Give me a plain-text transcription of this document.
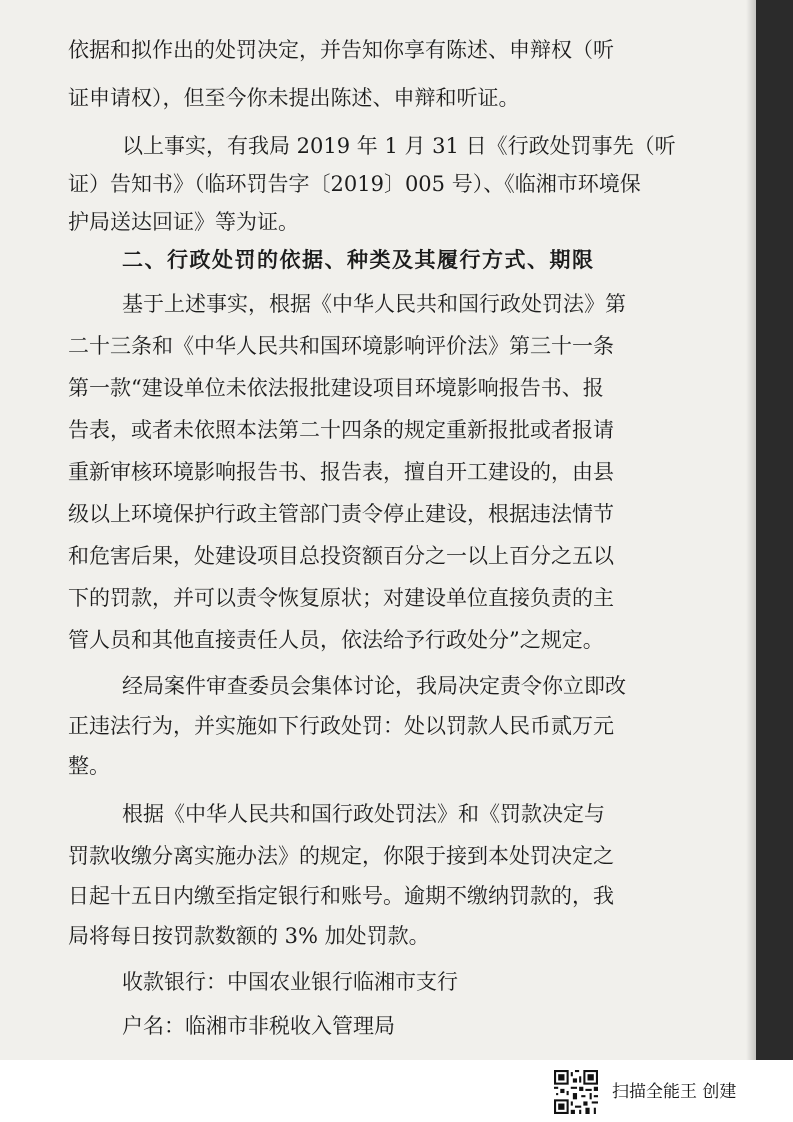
依据和拟作出的处罚决定，并告知你享有陈述、申辩权（听
证申请权），但至今你未提出陈述、申辩和听证。
以上事实，有我局 2019 年 1 月 31 日《行政处罚事先（听
证）告知书》（临环罚告字〔2019〕005 号）、《临湘市环境保
护局送达回证》等为证。
二、行政处罚的依据、种类及其履行方式、期限
基于上述事实，根据《中华人民共和国行政处罚法》第
二十三条和《中华人民共和国环境影响评价法》第三十一条
第一款“建设单位未依法报批建设项目环境影响报告书、报
告表，或者未依照本法第二十四条的规定重新报批或者报请
重新审核环境影响报告书、报告表，擅自开工建设的，由县
级以上环境保护行政主管部门责令停止建设，根据违法情节
和危害后果，处建设项目总投资额百分之一以上百分之五以
下的罚款，并可以责令恢复原状；对建设单位直接负责的主
管人员和其他直接责任人员，依法给予行政处分”之规定。
经局案件审查委员会集体讨论，我局决定责令你立即改
正违法行为，并实施如下行政处罚：处以罚款人民币贰万元
整。
根据《中华人民共和国行政处罚法》和《罚款决定与
罚款收缴分离实施办法》的规定，你限于接到本处罚决定之
日起十五日内缴至指定银行和账号。逾期不缴纳罚款的，我
局将每日按罚款数额的 3% 加处罚款。
收款银行：中国农业银行临湘市支行
户名：临湘市非税收入管理局
扫描全能王 创建
